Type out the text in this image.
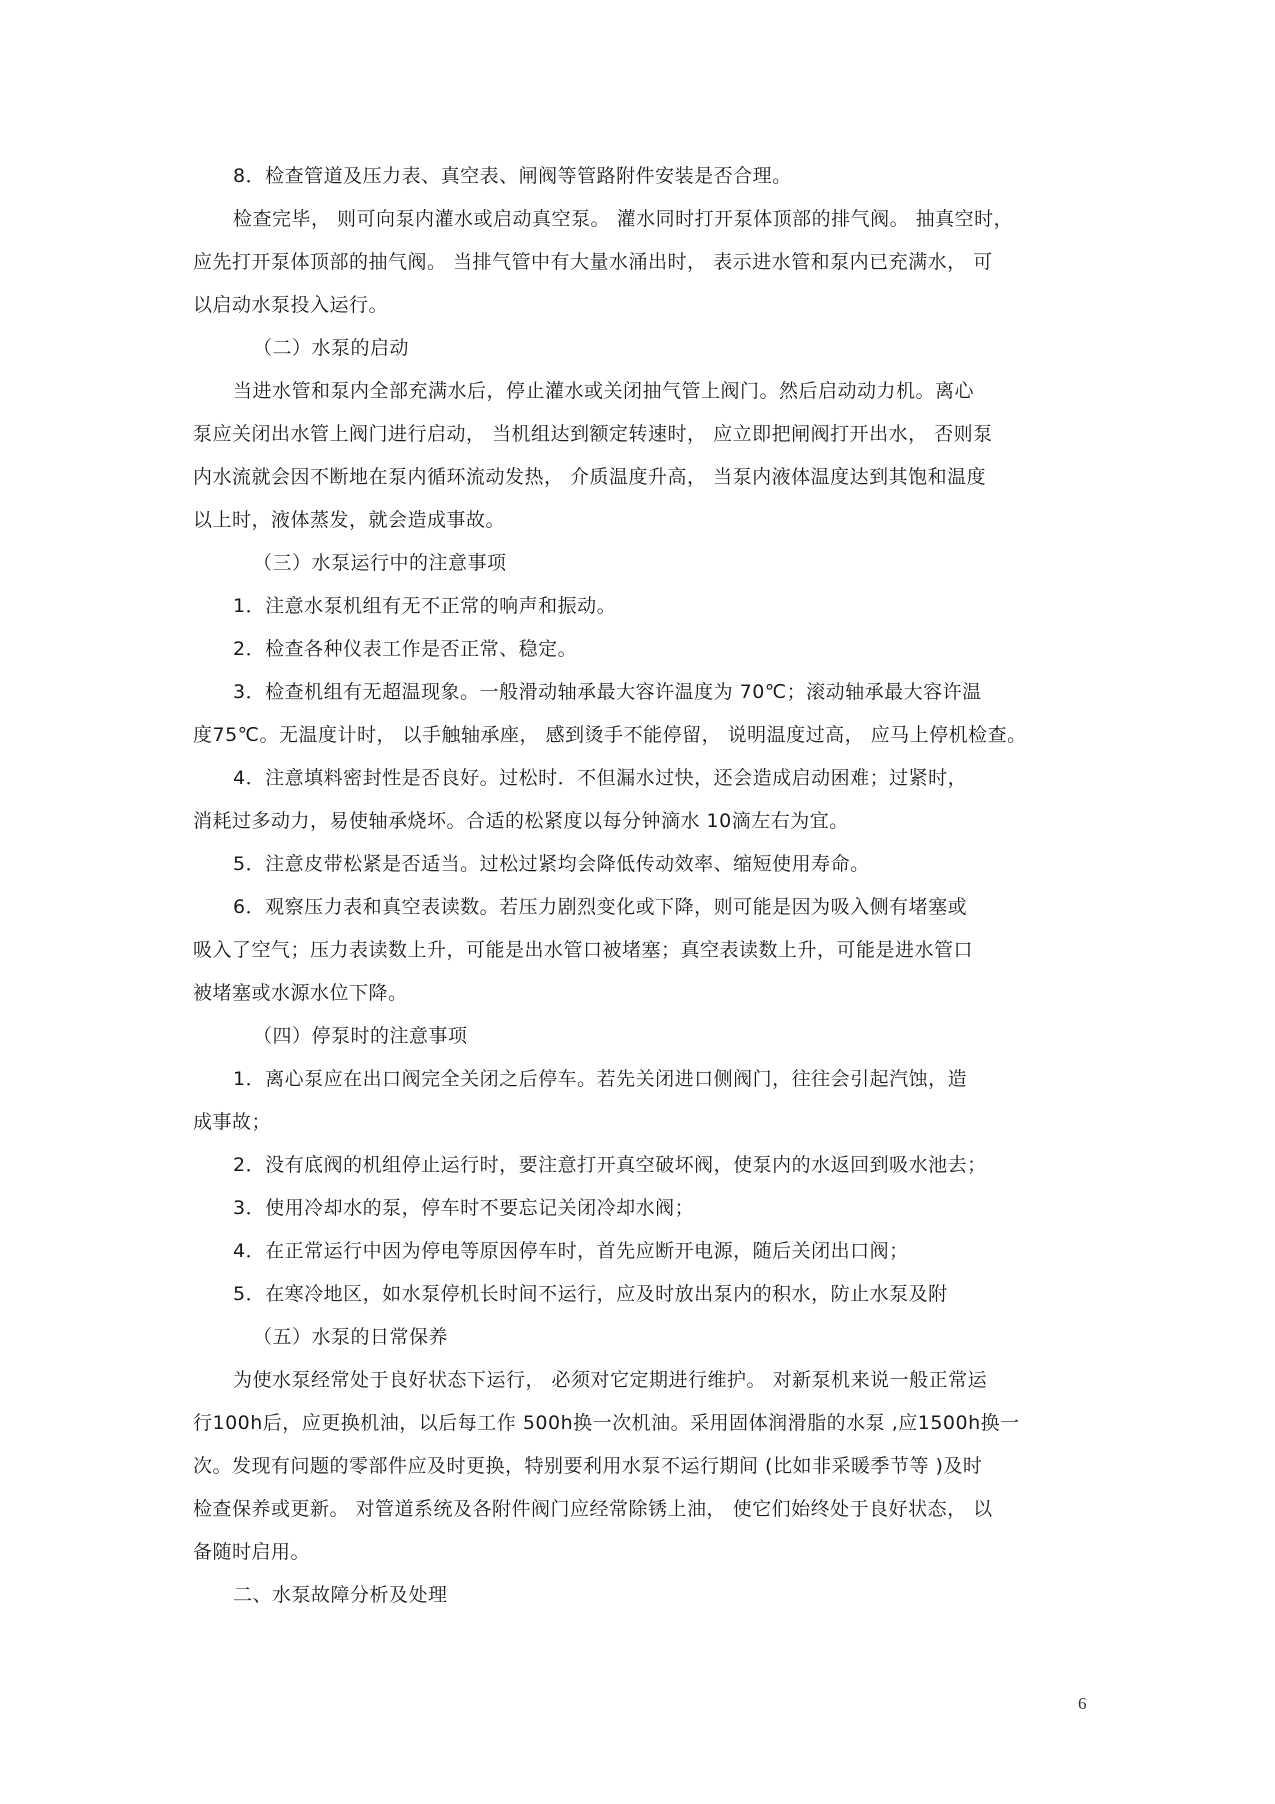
8．检查管道及压力表、真空表、闸阀等管路附件安装是否合理。
检查完毕， 则可向泵内灌水或启动真空泵。 灌水同时打开泵体顶部的排气阀。 抽真空时，
应先打开泵体顶部的抽气阀。 当排气管中有大量水涌出时， 表示进水管和泵内已充满水， 可
以启动水泵投入运行。
（二）水泵的启动
当进水管和泵内全部充满水后，停止灌水或关闭抽气管上阀门。然后启动动力机。离心
泵应关闭出水管上阀门进行启动， 当机组达到额定转速时， 应立即把闸阀打开出水， 否则泵
内水流就会因不断地在泵内循环流动发热， 介质温度升高， 当泵内液体温度达到其饱和温度
以上时，液体蒸发，就会造成事故。
（三）水泵运行中的注意事项
1．注意水泵机组有无不正常的响声和振动。
2．检查各种仪表工作是否正常、稳定。
3．检查机组有无超温现象。一般滑动轴承最大容许温度为 70℃；滚动轴承最大容许温
度75℃。无温度计时， 以手触轴承座， 感到烫手不能停留， 说明温度过高， 应马上停机检查。
4．注意填料密封性是否良好。过松时．不但漏水过快，还会造成启动困难；过紧时，
消耗过多动力，易使轴承烧坏。合适的松紧度以每分钟滴水 10滴左右为宜。
5．注意皮带松紧是否适当。过松过紧均会降低传动效率、缩短使用寿命。
6．观察压力表和真空表读数。若压力剧烈变化或下降，则可能是因为吸入侧有堵塞或
吸入了空气；压力表读数上升，可能是出水管口被堵塞；真空表读数上升，可能是进水管口
被堵塞或水源水位下降。
（四）停泵时的注意事项
1．离心泵应在出口阀完全关闭之后停车。若先关闭进口侧阀门，往往会引起汽蚀，造
成事故；
2．没有底阀的机组停止运行时，要注意打开真空破坏阀，使泵内的水返回到吸水池去；
3．使用冷却水的泵，停车时不要忘记关闭冷却水阀；
4．在正常运行中因为停电等原因停车时，首先应断开电源，随后关闭出口阀；
5．在寒冷地区，如水泵停机长时间不运行，应及时放出泵内的积水，防止水泵及附
（五）水泵的日常保养
为使水泵经常处于良好状态下运行， 必须对它定期进行维护。 对新泵机来说一般正常运
行100h后，应更换机油，以后每工作 500h换一次机油。采用固体润滑脂的水泵 ,应1500h换一
次。发现有问题的零部件应及时更换，特别要利用水泵不运行期间 (比如非采暖季节等 )及时
检查保养或更新。 对管道系统及各附件阀门应经常除锈上油， 使它们始终处于良好状态， 以
备随时启用。
二、水泵故障分析及处理
6
